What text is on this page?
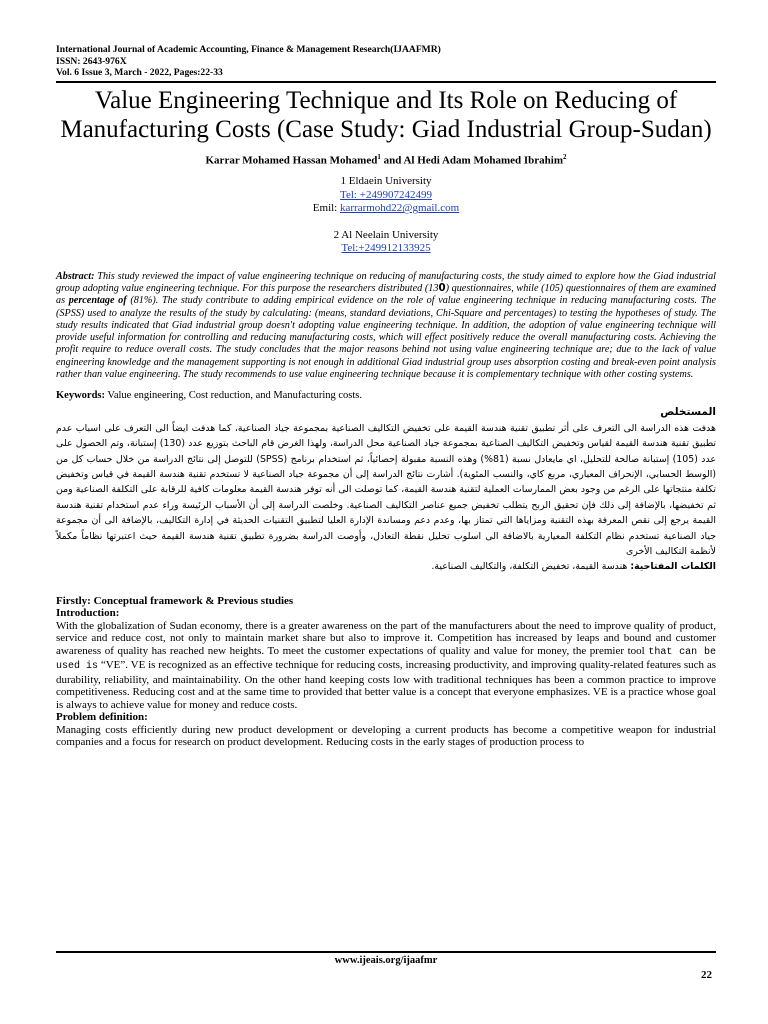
International Journal of Academic Accounting, Finance & Management Research(IJAAFMR)
ISSN: 2643-976X
Vol. 6 Issue 3, March - 2022, Pages:22-33
Value Engineering Technique and Its Role on Reducing of Manufacturing Costs (Case Study: Giad Industrial Group-Sudan)
Karrar Mohamed Hassan Mohamed$^1$ and Al Hedi Adam Mohamed Ibrahim$^2$
1 Eldaein University
Tel: +249907242499
Emil: karrarmohd22@gmail.com
2 Al Neelain University
Tel:+249912133925
Abstract: This study reviewed the impact of value engineering technique on reducing of manufacturing costs, the study aimed to explore how the Giad industrial group adopting value engineering technique. For this purpose the researchers distributed (130) questionnaires, while (105) questionnaires of them are examined as percentage of (81%). The study contribute to adding empirical evidence on the role of value engineering technique in reducing manufacturing costs. The (SPSS) used to analyze the results of the study by calculating: (means, standard deviations, Chi-Square and percentages) to testing the hypotheses of study. The study results indicated that Giad industrial group doesn't adopting value engineering technique. In addition, the adoption of value engineering technique will provide useful information for controlling and reducing manufacturing costs, which will effect positively reduce the overall manufacturing costs. Achieving the profit require to reduce overall costs. The study concludes that the major reasons behind not using value engineering technique are; due to the lack of value engineering knowledge and the management supporting is not enough in additional Giad industrial group uses absorption costing and break-even point analysis rather than value engineering. The study recommends to use value engineering technique because it is complementary technique with other costing systems.
Keywords: Value engineering, Cost reduction, and Manufacturing costs.
المستخلص
هدفت هذه الدراسة الى التعرف على أثر تطبيق تقنية هندسة القيمة على تخفيض التكاليف الصناعية بمجموعة جياد الصناعية، كما هدفت ايضاً الى التعرف على اسباب عدم تطبيق تقنية هندسة القيمة لقياس وتخفيض التكاليف الصناعية بمجموعة جياد الصناعية محل الدراسة، ولهذا الغرض قام الباحث بتوزيع عدد (130) إستبانة، وتم الحصول على عدد (105) إستبانة صالحة للتحليل، اي مايعادل نسبة (81%) وهذه النسبة مقبولة إحصائياً، ثم استخدام برنامج (SPSS) للتوصل إلى نتائج الدراسة من خلال حساب كل من (الوسط الحسابي، الإنحراف المعياري، مربع كاي، والنسب المئوية). أشارت نتائج الدراسة إلى أن مجموعة جياد الصناعية لا تستخدم تقنية هندسة القيمة في قياس وتخفيض تكلفة منتجاتها على الرغم من وجود بعض الممارسات العملية لتقنية هندسة القيمة، كما توصلت الى أنه توفر هندسة القيمة معلومات كافية للرقابة على التكلفة الصناعية ومن ثم تخفيضها، بالإضافة إلى ذلك فإن تحقيق الربح يتطلب تخفيض جميع عناصر التكاليف الصناعية. وخلصت الدراسة إلى أن الأسباب الرئيسة وراء عدم استخدام تقنية هندسة القيمة يرجع إلى نقص المعرفة بهذه التقنية ومزاياها التي تمتاز بها، وعدم دعم ومساندة الإدارة العليا لتطبيق التقنيات الحديثة في إدارة التكاليف، بالإضافة الى أن مجموعة جياد الصناعية تستخدم نظام التكلفة المعيارية بالاضافة الى اسلوب تحليل نقطة التعادل، وأوصت الدراسة بضرورة تطبيق تقنية هندسة القيمة حيث اعتبرتها نظاماً مكملاً لأنظمة التكاليف الأخرى
الكلمات المفتاحية: هندسة القيمة، تخفيض التكلفة، والتكاليف الصناعية.
Firstly: Conceptual framework & Previous studies
Introduction:
With the globalization of Sudan economy, there is a greater awareness on the part of the manufacturers about the need to improve quality of product, service and reduce cost, not only to maintain market share but also to improve it. Competition has increased by leaps and bound and customer awareness of quality has reached new heights. To meet the customer expectations of quality and value for money, the premier tool that can be used is “VE”. VE is recognized as an effective technique for reducing costs, increasing productivity, and improving quality-related features such as durability, reliability, and maintainability. On the other hand keeping costs low with traditional techniques has been a common practice to improve competitiveness. Reducing cost and at the same time to provided that better value is a concept that everyone emphasizes. VE is a practice whose goal is always to achieve value for money and reduce costs.
Problem definition:
Managing costs efficiently during new product development or developing a current products has become a competitive weapon for industrial companies and a focus for research on product development. Reducing costs in the early stages of production process to
www.ijeais.org/ijaafmr
22
